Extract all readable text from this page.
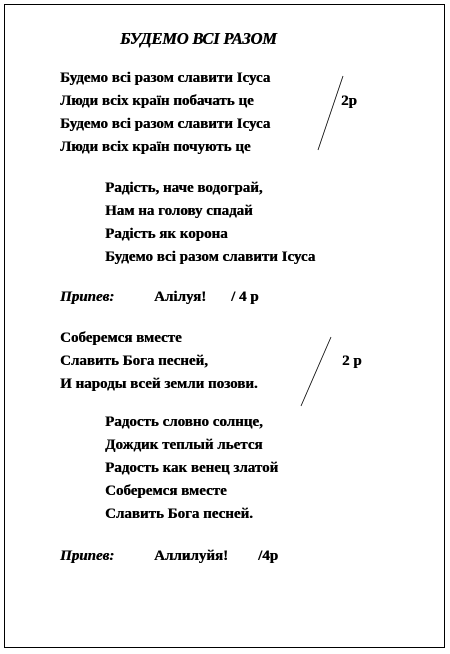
БУДЕМО ВСІ РАЗОМ
Будемо всі разом славити Ісуса
Люди всіх країн побачать це
Будемо всі разом славити Ісуса
Люди всіх країн почують це
2р
Радість, наче водограй,
Нам на голову спадай
Радість як корона
Будемо всі разом славити Ісуса
Припев:	Алілуя! / 4 р
Соберемся вместе
Славить Бога песней,
И народы всей земли позови.
2 р
Радость словно солнце,
Дождик теплый льется
Радость как венец златой
Соберемся вместе
Славить Бога песней.
Припев:	Аллилуйя! /4р
